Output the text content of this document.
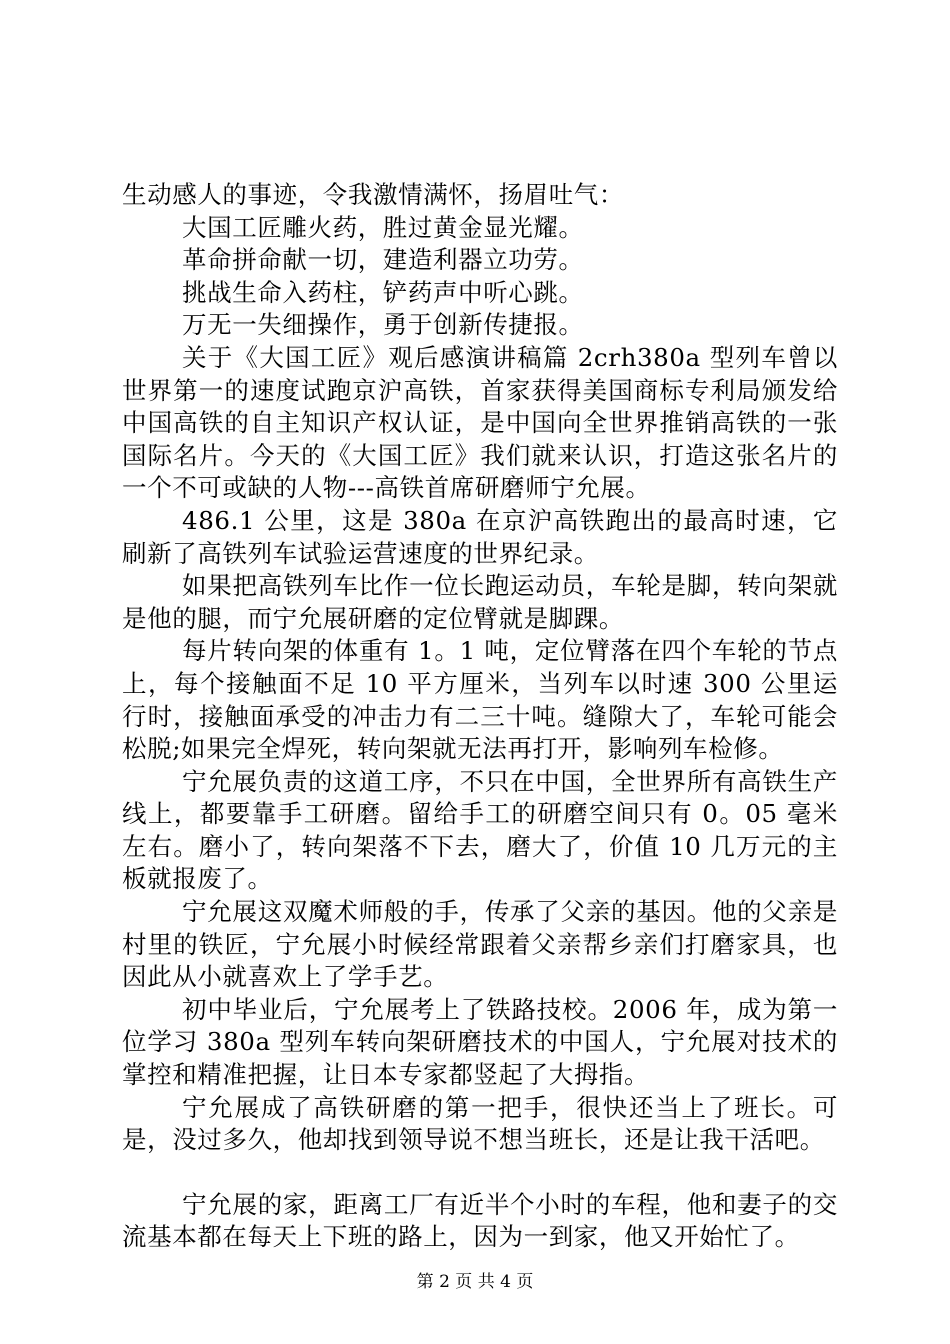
生动感人的事迹，令我激情满怀，扬眉吐气：

大国工匠雕火药，胜过黄金显光耀。

革命拼命献一切，建造利器立功劳。

挑战生命入药柱，铲药声中听心跳。

万无一失细操作，勇于创新传捷报。

关于《大国工匠》观后感演讲稿篇 2crh380a 型列车曾以世界第一的速度试跑京沪高铁，首家获得美国商标专利局颁发给中国高铁的自主知识产权认证，是中国向全世界推销高铁的一张国际名片。今天的《大国工匠》我们就来认识，打造这张名片的一个不可或缺的人物---高铁首席研磨师宁允展。

486.1 公里，这是 380a 在京沪高铁跑出的最高时速，它刷新了高铁列车试验运营速度的世界纪录。

如果把高铁列车比作一位长跑运动员，车轮是脚，转向架就是他的腿，而宁允展研磨的定位臂就是脚踝。

每片转向架的体重有 1。1 吨，定位臂落在四个车轮的节点上，每个接触面不足 10 平方厘米，当列车以时速 300 公里运行时，接触面承受的冲击力有二三十吨。缝隙大了，车轮可能会松脱;如果完全焊死，转向架就无法再打开，影响列车检修。

宁允展负责的这道工序，不只在中国，全世界所有高铁生产线上，都要靠手工研磨。留给手工的研磨空间只有 0。05 毫米左右。磨小了，转向架落不下去，磨大了，价值 10 几万元的主板就报废了。

宁允展这双魔术师般的手，传承了父亲的基因。他的父亲是村里的铁匠，宁允展小时候经常跟着父亲帮乡亲们打磨家具，也因此从小就喜欢上了学手艺。

初中毕业后，宁允展考上了铁路技校。2006 年，成为第一位学习 380a 型列车转向架研磨技术的中国人，宁允展对技术的掌控和精准把握，让日本专家都竖起了大拇指。

宁允展成了高铁研磨的第一把手，很快还当上了班长。可是，没过多久，他却找到领导说不想当班长，还是让我干活吧。

宁允展的家，距离工厂有近半个小时的车程，他和妻子的交流基本都在每天上下班的路上，因为一到家，他又开始忙了。

第 2 页 共 4 页
